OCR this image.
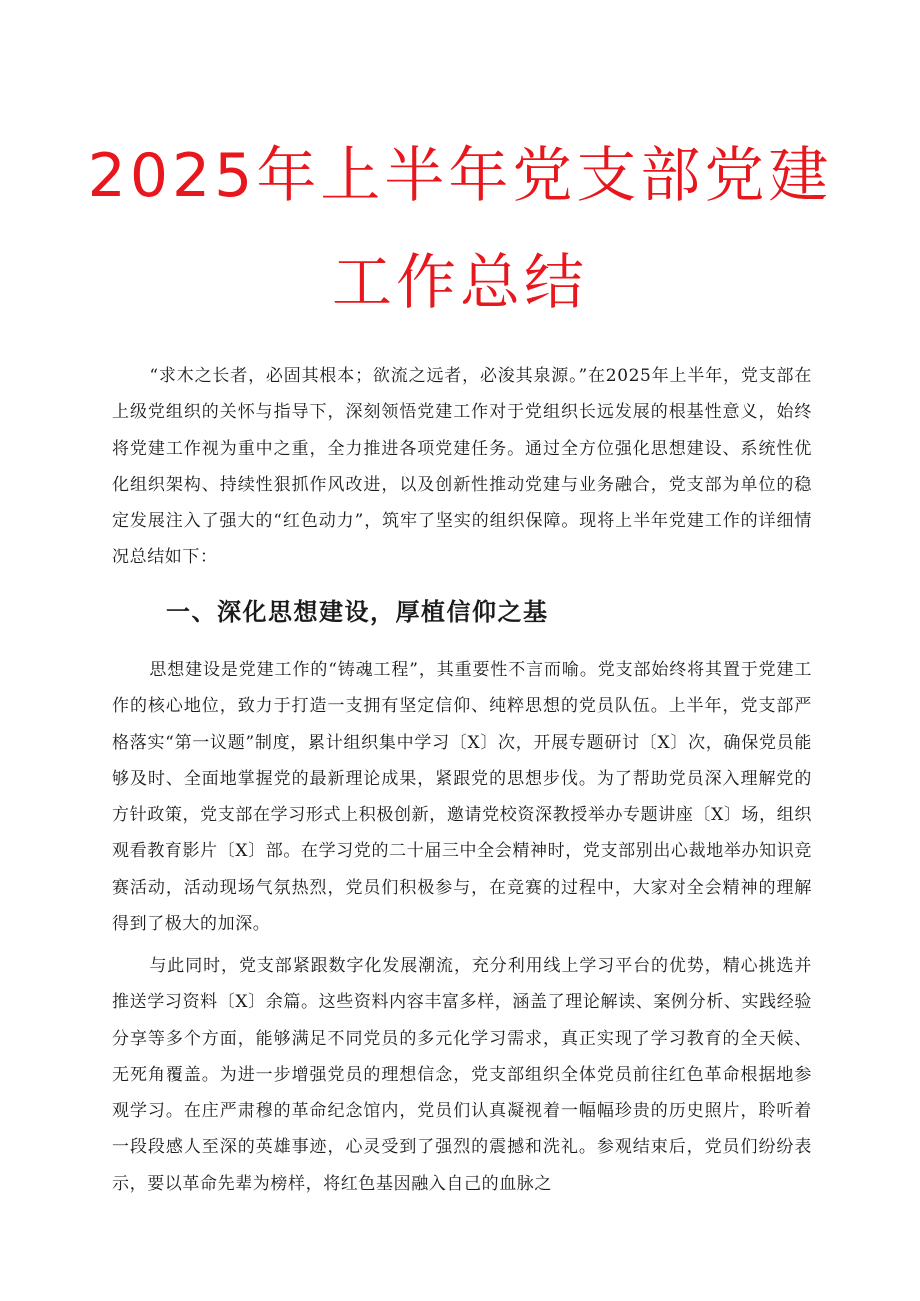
2025年上半年党支部党建
工作总结

“求木之长者，必固其根本；欲流之远者，必浚其泉源。”在2025年上半年，党支部在上级党组织的关怀与指导下，深刻领悟党建工作对于党组织长远发展的根基性意义，始终将党建工作视为重中之重，全力推进各项党建任务。通过全方位强化思想建设、系统性优化组织架构、持续性狠抓作风改进，以及创新性推动党建与业务融合，党支部为单位的稳定发展注入了强大的“红色动力”，筑牢了坚实的组织保障。现将上半年党建工作的详细情况总结如下：

一、深化思想建设，厚植信仰之基

思想建设是党建工作的“铸魂工程”，其重要性不言而喻。党支部始终将其置于党建工作的核心地位，致力于打造一支拥有坚定信仰、纯粹思想的党员队伍。上半年，党支部严格落实“第一议题”制度，累计组织集中学习〔X〕次，开展专题研讨〔X〕次，确保党员能够及时、全面地掌握党的最新理论成果，紧跟党的思想步伐。为了帮助党员深入理解党的方针政策，党支部在学习形式上积极创新，邀请党校资深教授举办专题讲座〔X〕场，组织观看教育影片〔X〕部。在学习党的二十届三中全会精神时，党支部别出心裁地举办知识竞赛活动，活动现场气氛热烈，党员们积极参与，在竞赛的过程中，大家对全会精神的理解得到了极大的加深。

与此同时，党支部紧跟数字化发展潮流，充分利用线上学习平台的优势，精心挑选并推送学习资料〔X〕余篇。这些资料内容丰富多样，涵盖了理论解读、案例分析、实践经验分享等多个方面，能够满足不同党员的多元化学习需求，真正实现了学习教育的全天候、无死角覆盖。为进一步增强党员的理想信念，党支部组织全体党员前往红色革命根据地参观学习。在庄严肃穆的革命纪念馆内，党员们认真凝视着一幅幅珍贵的历史照片，聆听着一段段感人至深的英雄事迹，心灵受到了强烈的震撼和洗礼。参观结束后，党员们纷纷表示，要以革命先辈为榜样，将红色基因融入自己的血脉之
